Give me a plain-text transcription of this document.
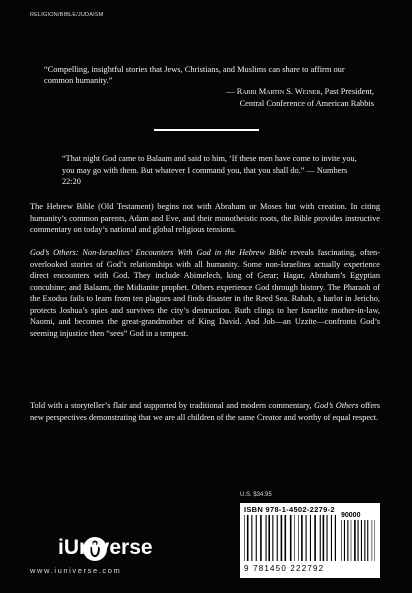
RELIGION/BIBLE/JUDAISM
“Compelling, insightful stories that Jews, Christians, and Muslims can share to affirm our common humanity.”
— Rabbi Martin S. Weiner, Past President,
Central Conference of American Rabbis
“That night God came to Balaam and said to him, ‘If these men have come to invite you, you may go with them. But whatever I command you, that you shall do.” — Numbers 22:20

The Hebrew Bible (Old Testament) begins not with Abraham or Moses but with creation. In citing humanity’s common parents, Adam and Eve, and their monotheistic roots, the Bible provides instructive commentary on today’s national and global religious tensions.

God’s Others: Non-Israelites’ Encounters With God in the Hebrew Bible reveals fascinating, often-overlooked stories of God’s relationships with all humanity. Some non-Israelites actually experience direct encounters with God. They include Abimelech, king of Gerar; Hagar, Abraham’s Egyptian concubine; and Balaam, the Midianite prophet. Others experience God through history. The Pharaoh of the Exodus fails to learn from ten plagues and finds disaster in the Reed Sea. Rahab, a harlot in Jericho, protects Joshua’s spies and survives the city’s destruction. Ruth clings to her Israelite mother-in-law, Naomi, and becomes the great-grandmother of King David. And Job—an Uzzite—confronts God’s seeming injustice then “sees” God in a tempest.

Told with a storyteller’s flair and supported by traditional and modern commentary, God’s Others offers new perspectives demonstrating that we are all children of the same Creator and worthy of equal respect.

U.S. $34.95
ISBN 978-1-4502-2279-2
90000
9 781450 222792
iUniverse
www.iuniverse.com
